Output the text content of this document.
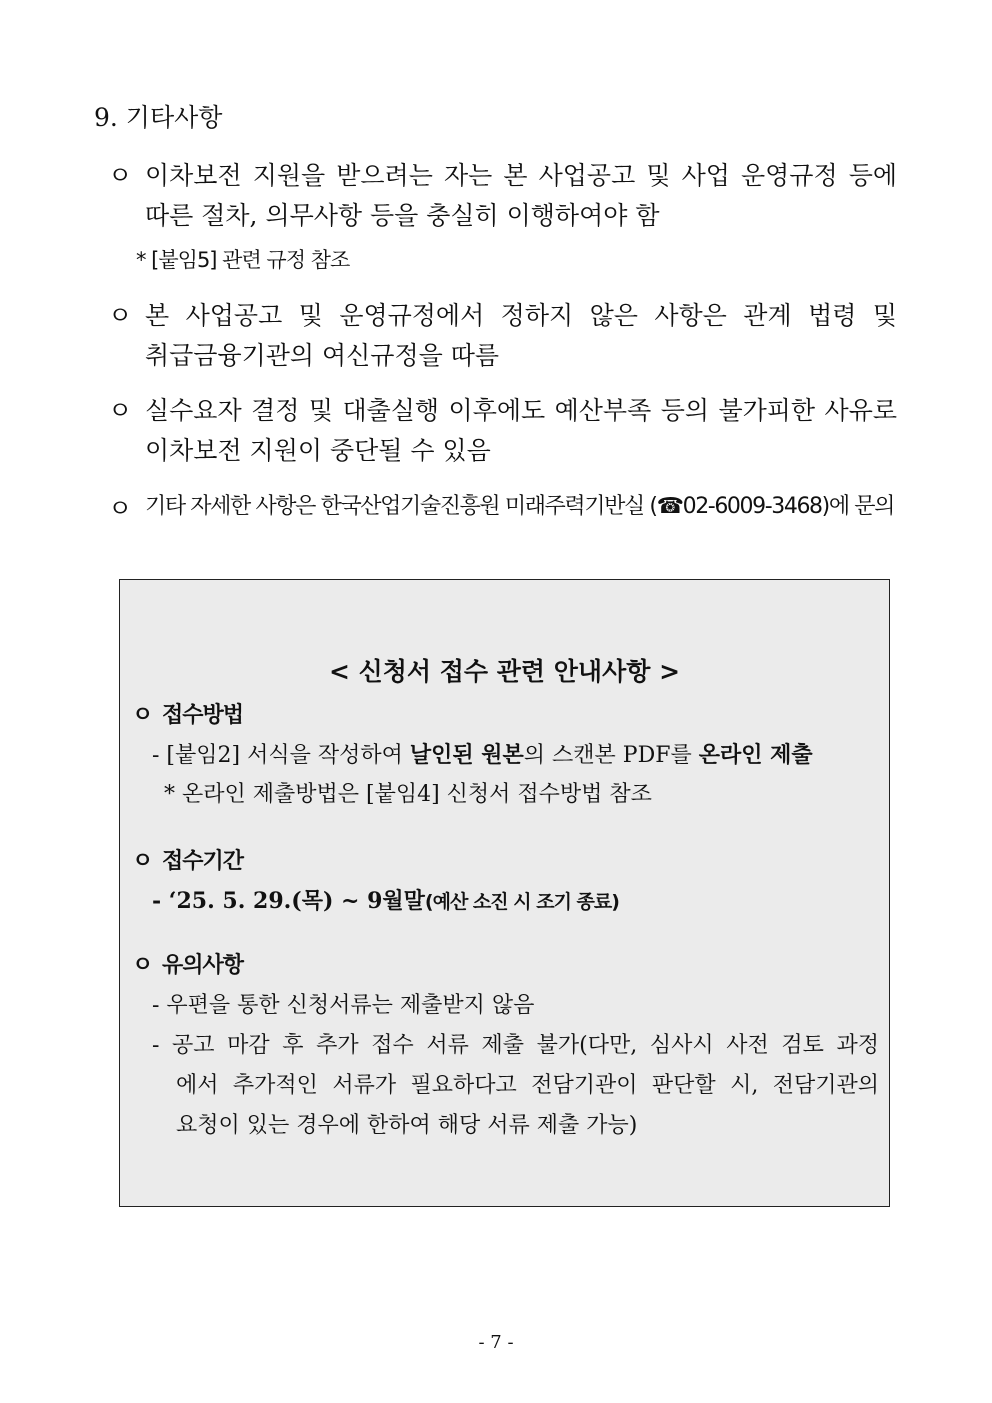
9. 기타사항
ㅇ 이차보전 지원을 받으려는 자는 본 사업공고 및 사업 운영규정 등에
따른 절차, 의무사항 등을 충실히 이행하여야 함
* [붙임5] 관련 규정 참조
ㅇ 본 사업공고 및 운영규정에서 정하지 않은 사항은 관계 법령 및
취급금융기관의 여신규정을 따름
ㅇ 실수요자 결정 및 대출실행 이후에도 예산부족 등의 불가피한 사유로
이차보전 지원이 중단될 수 있음
ㅇ 기타 자세한 사항은 한국산업기술진흥원 미래주력기반실 (☎02-6009-3468)에 문의
< 신청서 접수 관련 안내사항 >
ㅇ 접수방법
- [붙임2] 서식을 작성하여 날인된 원본의 스캔본 PDF를 온라인 제출
* 온라인 제출방법은 [붙임4] 신청서 접수방법 참조
ㅇ 접수기간
- ‘25. 5. 29.(목) ~ 9월말(예산 소진 시 조기 종료)
ㅇ 유의사항
- 우편을 통한 신청서류는 제출받지 않음
- 공고 마감 후 추가 접수 서류 제출 불가(다만, 심사시 사전 검토 과정
에서 추가적인 서류가 필요하다고 전담기관이 판단할 시, 전담기관의
요청이 있는 경우에 한하여 해당 서류 제출 가능)
- 7 -
